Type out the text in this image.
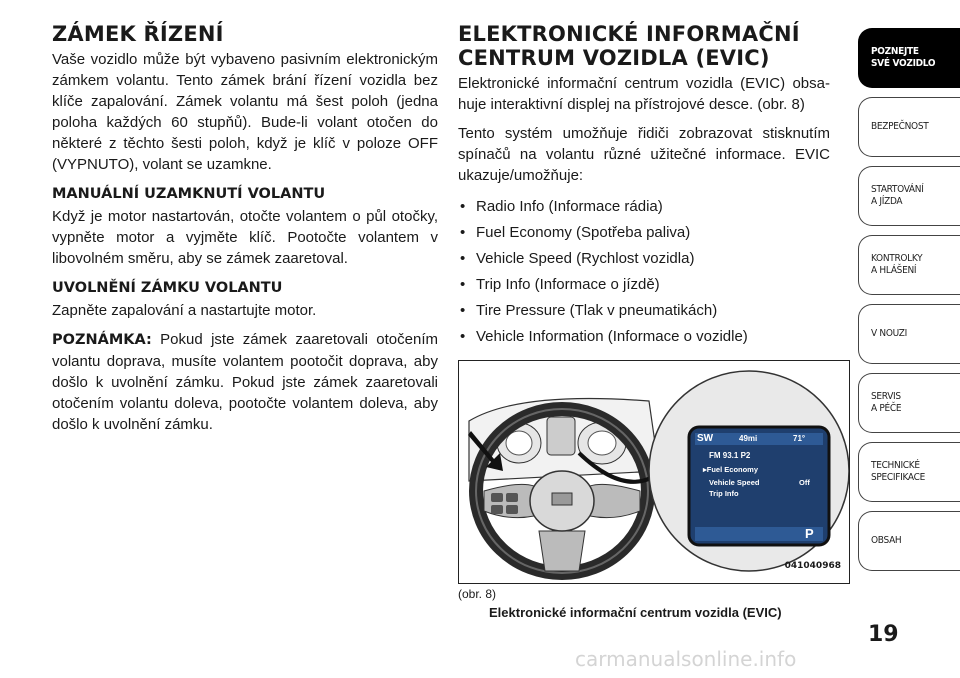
ZÁMEK ŘÍZENÍ

Vaše vozidlo může být vybaveno pasivním elektronickým zámkem volantu. Tento zámek brání řízení vozidla bez klíče zapalování. Zámek volantu má šest poloh (jedna poloha každých 60 stupňů). Bude-li volant otočen do některé z těchto šesti poloh, když je klíč v poloze OFF (VYPNUTO), volant se uzamkne.

MANUÁLNÍ UZAMKNUTÍ VOLANTU

Když je motor nastartován, otočte volantem o půl otočky, vypněte motor a vyjměte klíč. Pootočte volantem v libovolném směru, aby se zámek zaaretoval.

UVOLNĚNÍ ZÁMKU VOLANTU

Zapněte zapalování a nastartujte motor.

POZNÁMKA: Pokud jste zámek zaaretovali otočením volantu doprava, musíte volantem pootočit doprava, aby došlo k uvolnění zámku. Pokud jste zámek zaaretovali otočením volantu doleva, pootočte volantem doleva, aby došlo k uvolnění zámku.

ELEKTRONICKÉ INFORMAČNÍ
CENTRUM VOZIDLA (EVIC)

Elektronické informační centrum vozidla (EVIC) obsahuje interaktivní displej na přístrojové desce. (obr. 8)

Tento systém umožňuje řidiči zobrazovat stisknutím spínačů na volantu různé užitečné informace. EVIC ukazuje/umožňuje:

• Radio Info (Informace rádia)
• Fuel Economy (Spotřeba paliva)
• Vehicle Speed (Rychlost vozidla)
• Trip Info (Informace o jízdě)
• Tire Pressure (Tlak v pneumatikách)
• Vehicle Information (Informace o vozidle)
SW	49mi	71°
FM 93.1 P2
▸Fuel Economy
Vehicle Speed	Off
Trip Info
P
041040968
(obr. 8)
Elektronické informační centrum vozidla (EVIC)
POZNEJTE
SVÉ VOZIDLO
BEZPEČNOST
STARTOVÁNÍ
A JÍZDA
KONTROLKY
A HLÁŠENÍ
V NOUZI
SERVIS
A PÉČE
TECHNICKÉ
SPECIFIKACE
OBSAH
19
carmanualsonline.info
